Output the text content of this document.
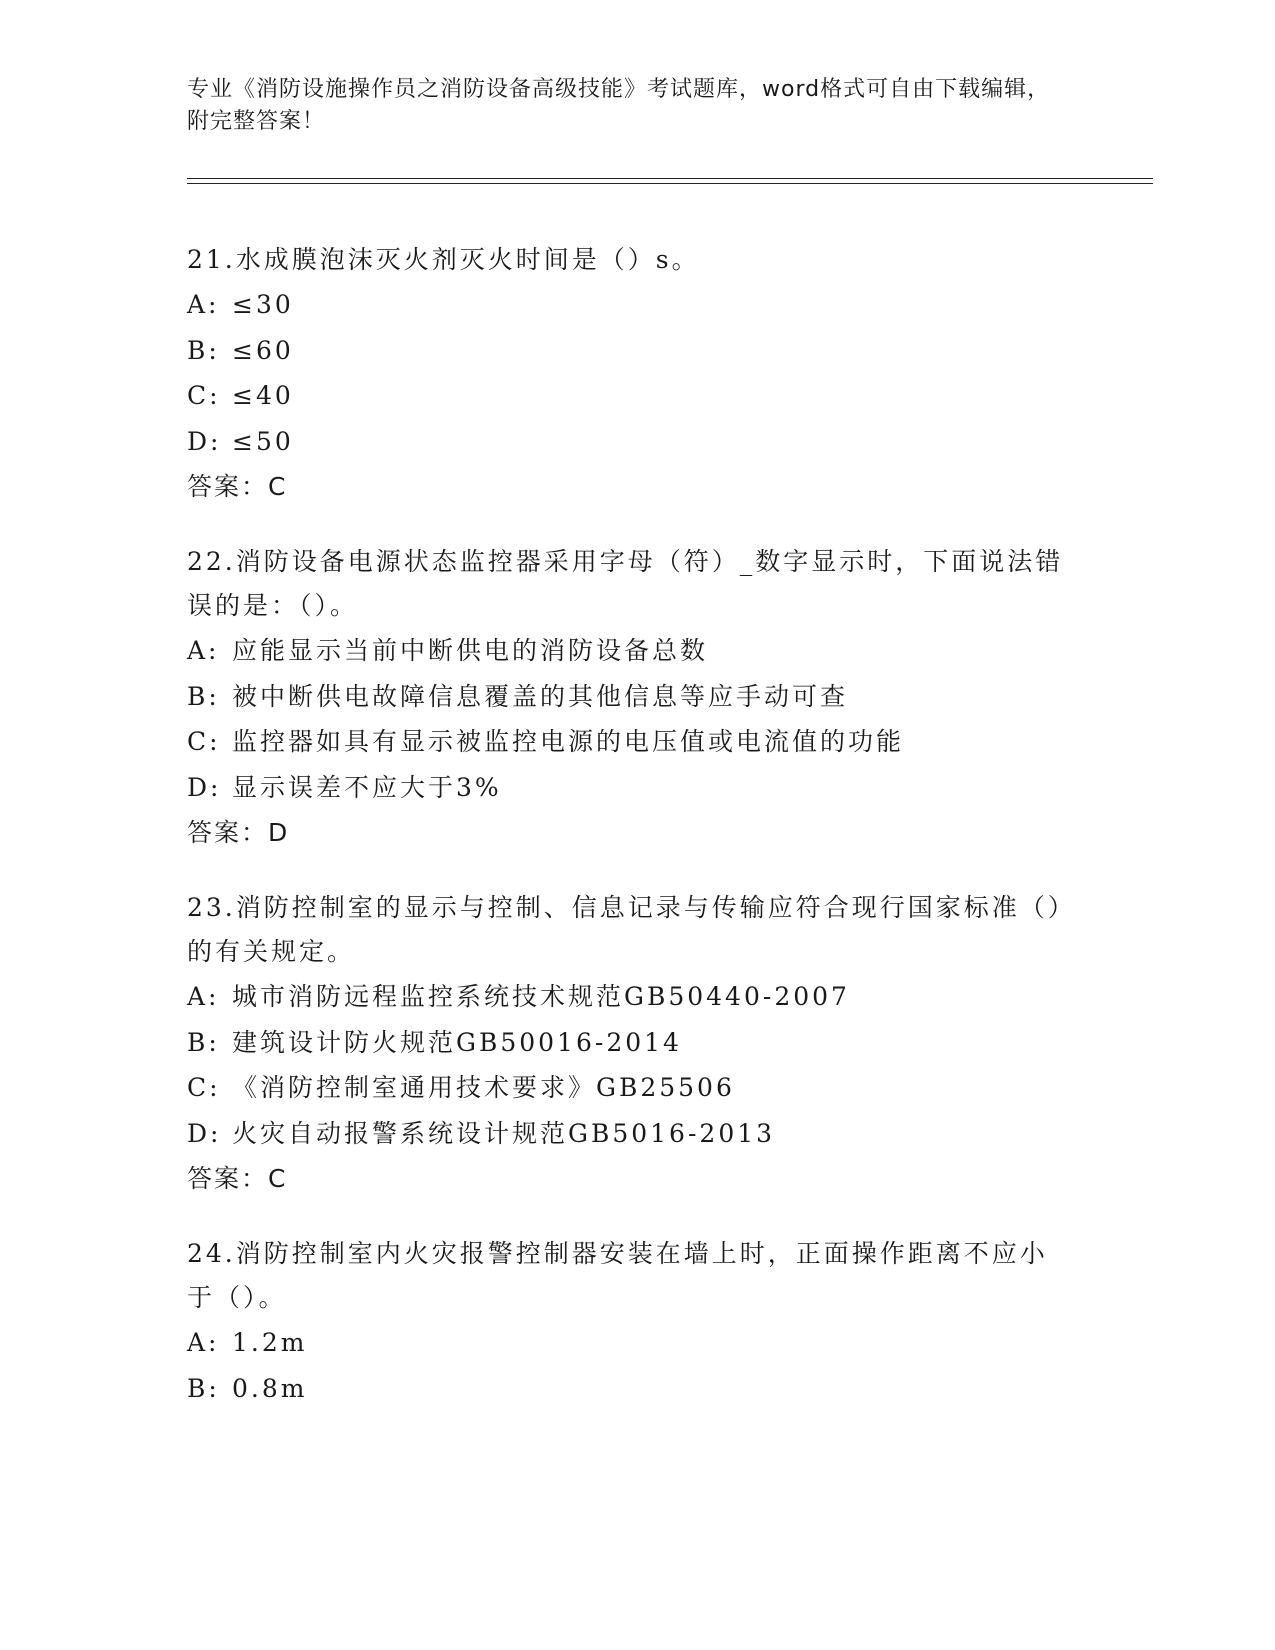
专业《消防设施操作员之消防设备高级技能》考试题库，word格式可自由下载编辑，附完整答案！
21.水成膜泡沫灭火剂灭火时间是（）s。
A: ≤30
B: ≤60
C: ≤40
D: ≤50
答案：C
22.消防设备电源状态监控器采用字母（符）_数字显示时，下面说法错误的是：（）。
A: 应能显示当前中断供电的消防设备总数
B: 被中断供电故障信息覆盖的其他信息等应手动可查
C: 监控器如具有显示被监控电源的电压值或电流值的功能
D: 显示误差不应大于3%
答案：D
23.消防控制室的显示与控制、信息记录与传输应符合现行国家标准（）的有关规定。
A: 城市消防远程监控系统技术规范GB50440-2007
B: 建筑设计防火规范GB50016-2014
C: 《消防控制室通用技术要求》GB25506
D: 火灾自动报警系统设计规范GB5016-2013
答案：C
24.消防控制室内火灾报警控制器安装在墙上时，正面操作距离不应小于（）。
A: 1.2m
B: 0.8m
